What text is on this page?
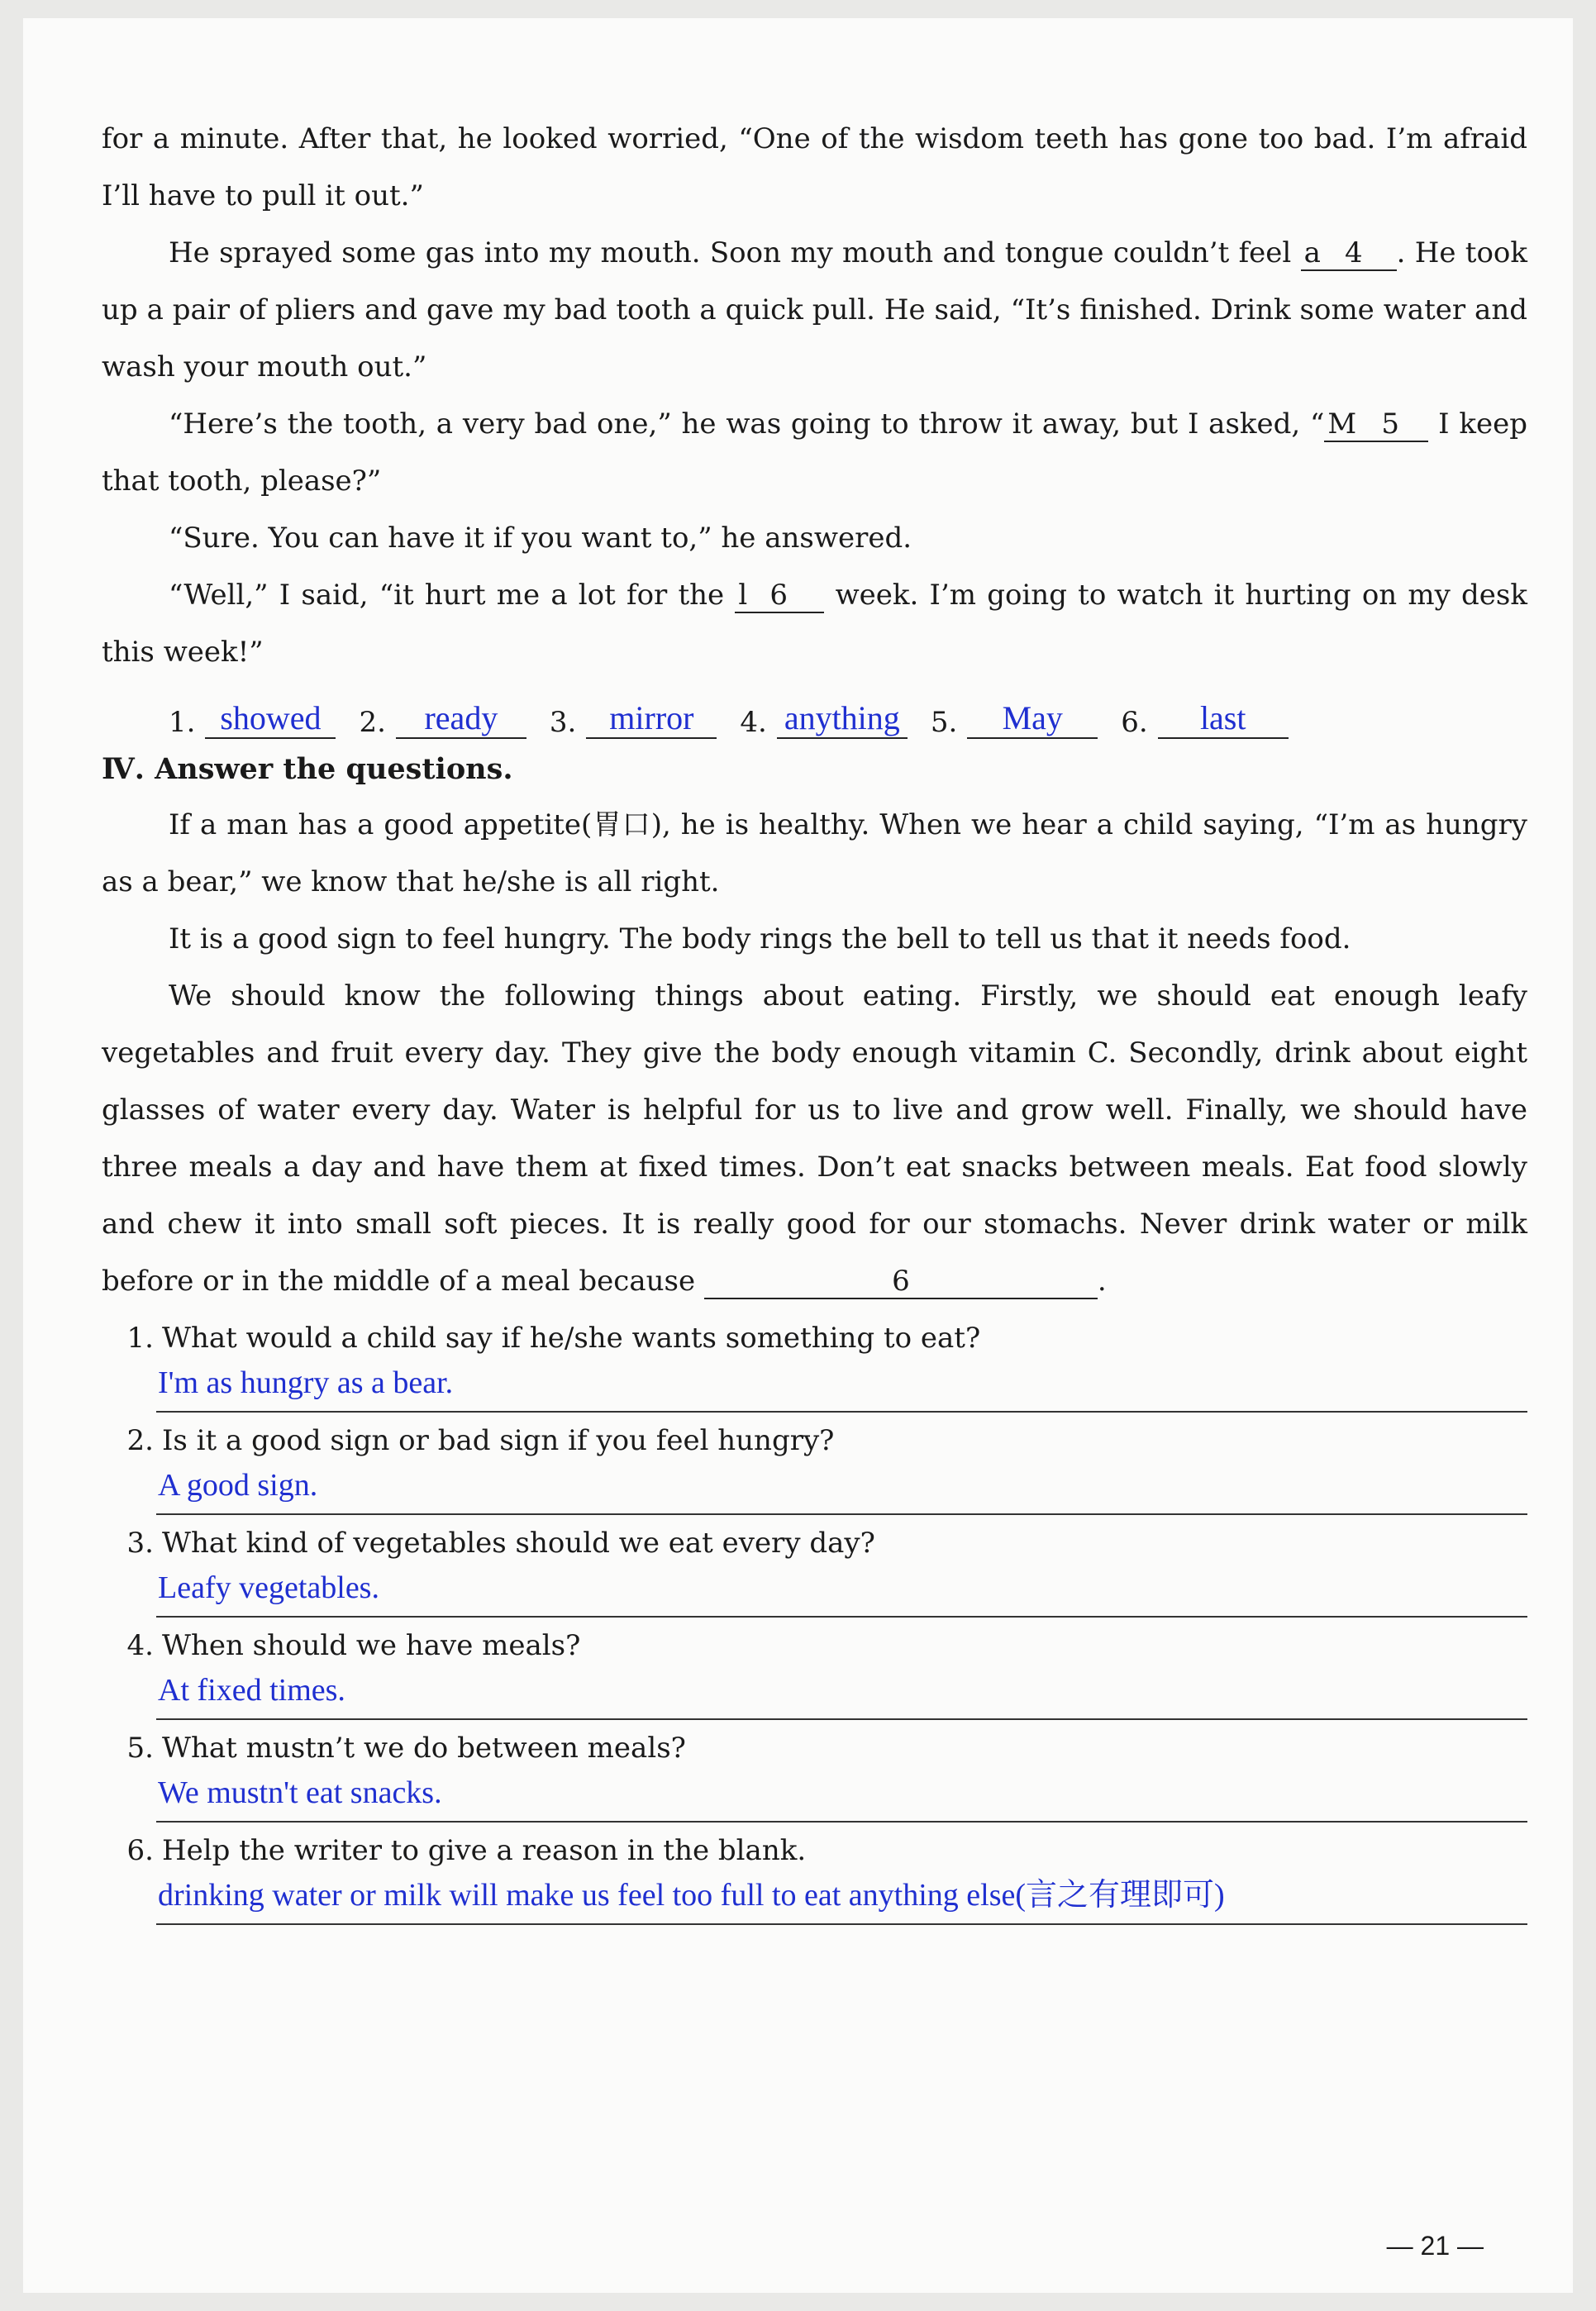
for a minute. After that, he looked worried, “One of the wisdom teeth has gone too bad. I’m afraid I’ll have to pull it out.”

He sprayed some gas into my mouth. Soon my mouth and tongue couldn’t feel a 4 . He took up a pair of pliers and gave my bad tooth a quick pull. He said, “It’s finished. Drink some water and wash your mouth out.”

“Here’s the tooth, a very bad one,” he was going to throw it away, but I asked, “ M 5 I keep that tooth, please?”

“Sure. You can have it if you want to,” he answered.

“Well,” I said, “it hurt me a lot for the l 6 week. I’m going to watch it hurting on my desk this week!”

1. showed	2.	ready	3. mirror	4. anything 5.	May	6.	last
Ⅳ. Answer the questions.

If a man has a good appetite(胃口), he is healthy. When we hear a child saying, “I’m as hungry as a bear,” we know that he/she is all right.

It is a good sign to feel hungry. The body rings the bell to tell us that it needs food.

We should know the following things about eating. Firstly, we should eat enough leafy vegetables and fruit every day. They give the body enough vitamin C. Secondly, drink about eight glasses of water every day. Water is helpful for us to live and grow well. Finally, we should have three meals a day and have them at fixed times. Don’t eat snacks between meals. Eat food slowly and chew it into small soft pieces. It is really good for our stomachs. Never drink water or milk before or in the middle of a meal because	6	.

1. What would a child say if he/she wants something to eat?
I'm as hungry as a bear.
2. Is it a good sign or bad sign if you feel hungry?
A good sign.
3. What kind of vegetables should we eat every day?
Leafy vegetables.
4. When should we have meals?
At fixed times.
5. What mustn’t we do between meals?
We mustn't eat snacks.
6. Help the writer to give a reason in the blank.
drinking water or milk will make us feel too full to eat anything else(言之有理即可)
— 21 —
